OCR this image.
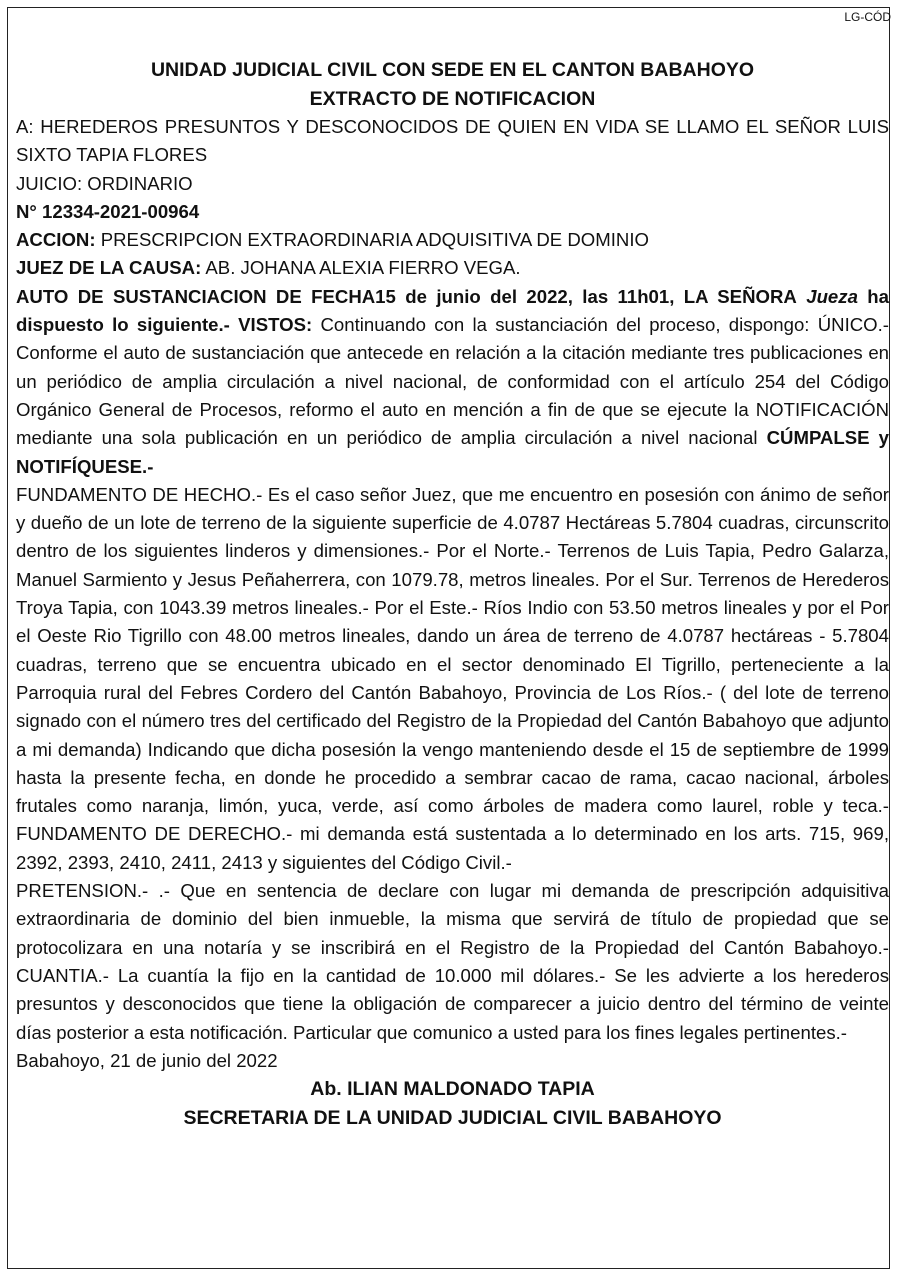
LG-CÓD

UNIDAD JUDICIAL CIVIL CON SEDE EN EL CANTON BABAHOYO

EXTRACTO DE NOTIFICACION

A: HEREDEROS PRESUNTOS Y DESCONOCIDOS DE QUIEN EN VIDA SE LLAMO EL SEÑOR LUIS SIXTO TAPIA FLORES

JUICIO: ORDINARIO

N° 12334-2021-00964

ACCION: PRESCRIPCION EXTRAORDINARIA ADQUISITIVA DE DOMINIO

JUEZ DE LA CAUSA: AB. JOHANA ALEXIA FIERRO VEGA.

AUTO DE SUSTANCIACION DE FECHA15 de junio del 2022, las 11h01, LA SEÑORA Jueza ha dispuesto lo siguiente.- VISTOS: Continuando con la sustanciación del proceso, dispongo: ÚNICO.- Conforme el auto de sustanciación que antecede en relación a la citación mediante tres publicaciones en un periódico de amplia circulación a nivel nacional, de conformidad con el artículo 254 del Código Orgánico General de Procesos, reformo el auto en mención a fin de que se ejecute la NOTIFICACIÓN mediante una sola publicación en un periódico de amplia circulación a nivel nacional CÚMPALSE y NOTIFÍQUESE.-

FUNDAMENTO DE HECHO.- Es el caso señor Juez, que me encuentro en posesión con ánimo de señor y dueño de un lote de terreno de la siguiente superficie de 4.0787 Hectáreas 5.7804 cuadras, circunscrito dentro de los siguientes linderos y dimensiones.- Por el Norte.- Terrenos de Luis Tapia, Pedro Galarza, Manuel Sarmiento y Jesus Peñaherrera, con 1079.78, metros lineales. Por el Sur. Terrenos de Herederos Troya Tapia, con 1043.39 metros lineales.- Por el Este.- Ríos Indio con 53.50 metros lineales y por el Por el Oeste Rio Tigrillo con 48.00 metros lineales, dando un área de terreno de 4.0787 hectáreas - 5.7804 cuadras, terreno que se encuentra ubicado en el sector denominado El Tigrillo, perteneciente a la Parroquia rural del Febres Cordero del Cantón Babahoyo, Provincia de Los Ríos.- ( del lote de terreno signado con el número tres del certificado del Registro de la Propiedad del Cantón Babahoyo que adjunto a mi demanda) Indicando que dicha posesión la vengo manteniendo desde el 15 de septiembre de 1999 hasta la presente fecha, en donde he procedido a sembrar cacao de rama, cacao nacional, árboles frutales como naranja, limón, yuca, verde, así como árboles de madera como laurel, roble y teca.- FUNDAMENTO DE DERECHO.- mi demanda está sustentada a lo determinado en los arts. 715, 969, 2392, 2393, 2410, 2411, 2413 y siguientes del Código Civil.-

PRETENSION.- .- Que en sentencia de declare con lugar mi demanda de prescripción adquisitiva extraordinaria de dominio del bien inmueble, la misma que servirá de título de propiedad que se protocolizara en una notaría y se inscribirá en el Registro de la Propiedad del Cantón Babahoyo.- CUANTIA.- La cuantía la fijo en la cantidad de 10.000 mil dólares.- Se les advierte a los herederos presuntos y desconocidos que tiene la obligación de comparecer a juicio dentro del término de veinte días posterior a esta notificación. Particular que comunico a usted para los fines legales pertinentes.-

Babahoyo, 21 de junio del 2022

Ab. ILIAN MALDONADO TAPIA

SECRETARIA DE LA UNIDAD JUDICIAL CIVIL BABAHOYO
